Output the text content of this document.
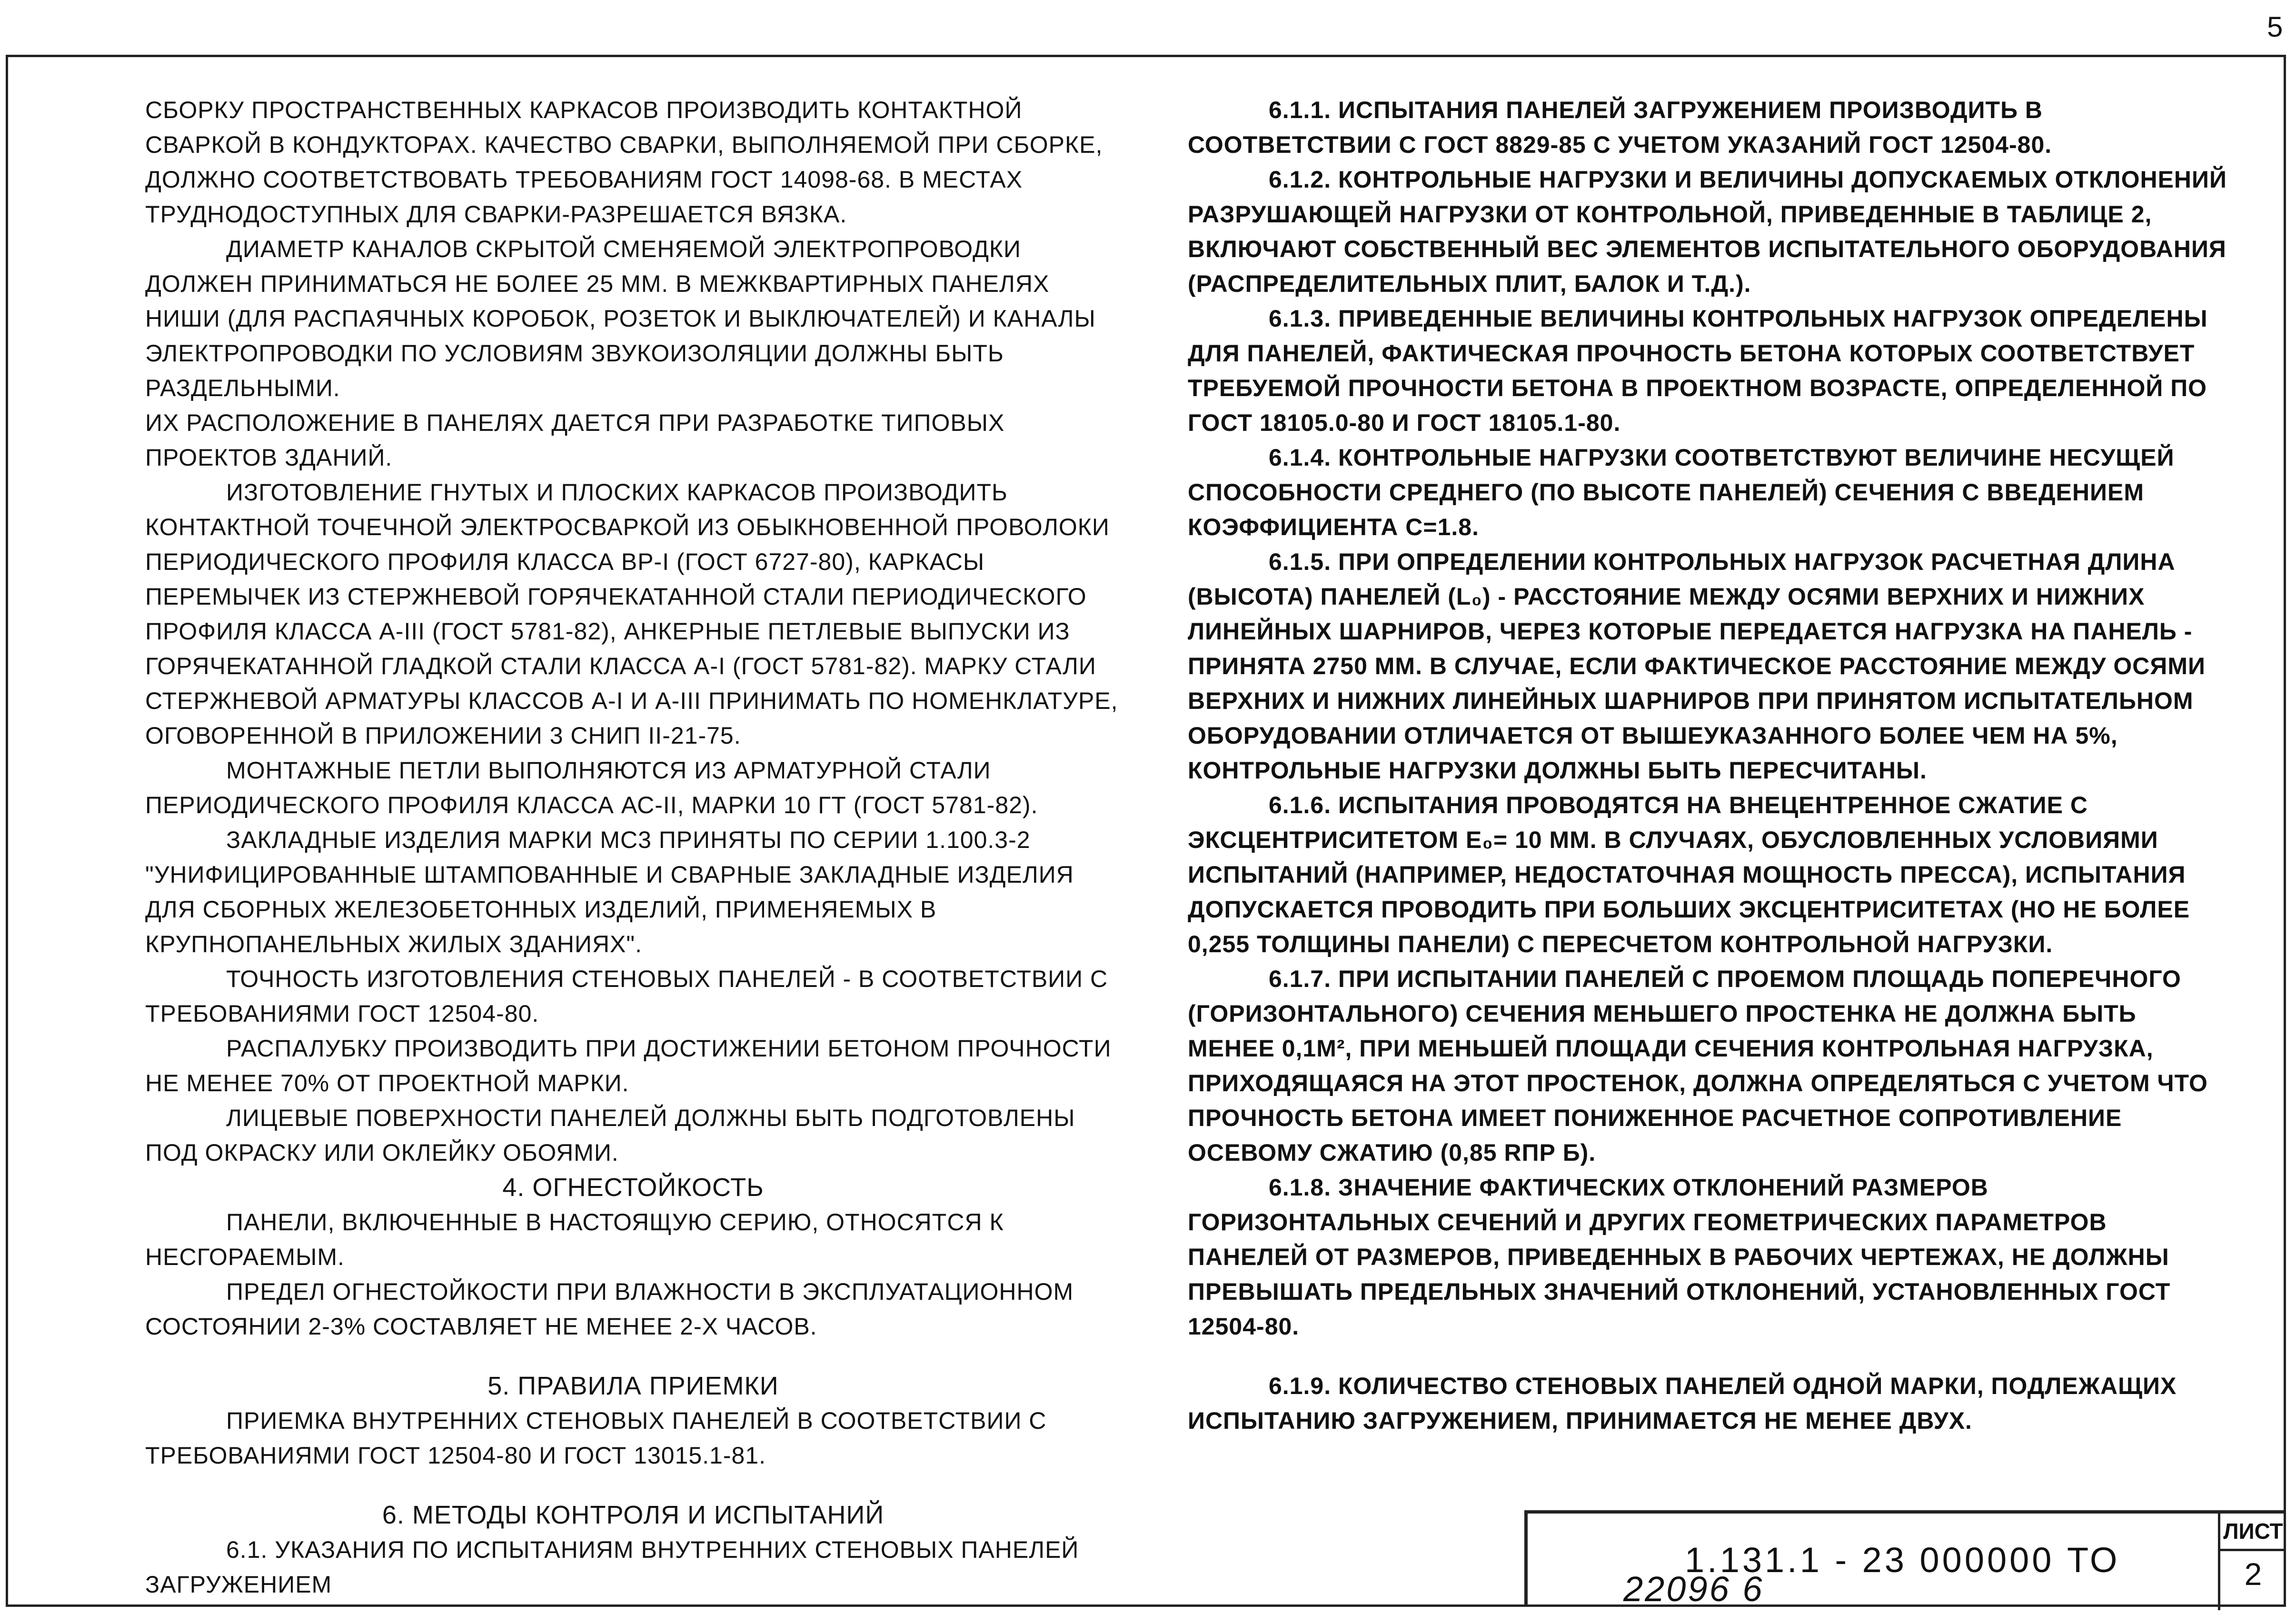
5

СБОРКУ ПРОСТРАНСТВЕННЫХ КАРКАСОВ ПРОИЗВОДИТЬ КОНТАКТНОЙ СВАРКОЙ В КОНДУКТОРАХ. КАЧЕСТВО СВАРКИ, ВЫПОЛНЯЕМОЙ ПРИ СБОРКЕ, ДОЛЖНО СООТВЕТСТВОВАТЬ ТРЕБОВАНИЯМ ГОСТ 14098-68. В МЕСТАХ ТРУДНОДОСТУПНЫХ ДЛЯ СВАРКИ-РАЗРЕШАЕТСЯ ВЯЗКА.

ДИАМЕТР КАНАЛОВ СКРЫТОЙ СМЕНЯЕМОЙ ЭЛЕКТРОПРОВОДКИ ДОЛЖЕН ПРИНИМАТЬСЯ НЕ БОЛЕЕ 25 ММ. В МЕЖКВАРТИРНЫХ ПАНЕЛЯХ НИШИ (ДЛЯ РАСПАЯЧНЫХ КОРОБОК, РОЗЕТОК И ВЫКЛЮЧАТЕЛЕЙ) И КАНАЛЫ ЭЛЕКТРОПРОВОДКИ ПО УСЛОВИЯМ ЗВУКОИЗОЛЯЦИИ ДОЛЖНЫ БЫТЬ РАЗДЕЛЬНЫМИ.

ИХ РАСПОЛОЖЕНИЕ В ПАНЕЛЯХ ДАЕТСЯ ПРИ РАЗРАБОТКЕ ТИПОВЫХ ПРОЕКТОВ ЗДАНИЙ.

ИЗГОТОВЛЕНИЕ ГНУТЫХ И ПЛОСКИХ КАРКАСОВ ПРОИЗВОДИТЬ КОНТАКТНОЙ ТОЧЕЧНОЙ ЭЛЕКТРОСВАРКОЙ ИЗ ОБЫКНОВЕННОЙ ПРОВОЛОКИ ПЕРИОДИЧЕСКОГО ПРОФИЛЯ КЛАССА ВР-I (ГОСТ 6727-80), КАРКАСЫ ПЕРЕМЫЧЕК ИЗ СТЕРЖНЕВОЙ ГОРЯЧЕКАТАННОЙ СТАЛИ ПЕРИОДИЧЕСКОГО ПРОФИЛЯ КЛАССА А-III (ГОСТ 5781-82), АНКЕРНЫЕ ПЕТЛЕВЫЕ ВЫПУСКИ ИЗ ГОРЯЧЕКАТАННОЙ ГЛАДКОЙ СТАЛИ КЛАССА А-I (ГОСТ 5781-82). МАРКУ СТАЛИ СТЕРЖНЕВОЙ АРМАТУРЫ КЛАССОВ А-I И А-III ПРИНИМАТЬ ПО НОМЕНКЛАТУРЕ, ОГОВОРЕННОЙ В ПРИЛОЖЕНИИ 3 СНИП II-21-75.

МОНТАЖНЫЕ ПЕТЛИ ВЫПОЛНЯЮТСЯ ИЗ АРМАТУРНОЙ СТАЛИ ПЕРИОДИЧЕСКОГО ПРОФИЛЯ КЛАССА АС-II, МАРКИ 10 ГТ (ГОСТ 5781-82).

ЗАКЛАДНЫЕ ИЗДЕЛИЯ МАРКИ МС3 ПРИНЯТЫ ПО СЕРИИ 1.100.3-2

"УНИФИЦИРОВАННЫЕ ШТАМПОВАННЫЕ И СВАРНЫЕ ЗАКЛАДНЫЕ ИЗДЕЛИЯ ДЛЯ СБОРНЫХ ЖЕЛЕЗОБЕТОННЫХ ИЗДЕЛИЙ, ПРИМЕНЯЕМЫХ В КРУПНОПАНЕЛЬНЫХ ЖИЛЫХ ЗДАНИЯХ".

ТОЧНОСТЬ ИЗГОТОВЛЕНИЯ СТЕНОВЫХ ПАНЕЛЕЙ - В СООТВЕТСТВИИ С ТРЕБОВАНИЯМИ ГОСТ 12504-80.

РАСПАЛУБКУ ПРОИЗВОДИТЬ ПРИ ДОСТИЖЕНИИ БЕТОНОМ ПРОЧНОСТИ НЕ МЕНЕЕ 70% ОТ ПРОЕКТНОЙ МАРКИ.

ЛИЦЕВЫЕ ПОВЕРХНОСТИ ПАНЕЛЕЙ ДОЛЖНЫ БЫТЬ ПОДГОТОВЛЕНЫ ПОД ОКРАСКУ ИЛИ ОКЛЕЙКУ ОБОЯМИ.

4. ОГНЕСТОЙКОСТЬ

ПАНЕЛИ, ВКЛЮЧЕННЫЕ В НАСТОЯЩУЮ СЕРИЮ, ОТНОСЯТСЯ К НЕСГОРАЕМЫМ.

ПРЕДЕЛ ОГНЕСТОЙКОСТИ ПРИ ВЛАЖНОСТИ В ЭКСПЛУАТАЦИОННОМ СОСТОЯНИИ 2-3% СОСТАВЛЯЕТ НЕ МЕНЕЕ 2-Х ЧАСОВ.

5. ПРАВИЛА ПРИЕМКИ

ПРИЕМКА ВНУТРЕННИХ СТЕНОВЫХ ПАНЕЛЕЙ В СООТВЕТСТВИИ С ТРЕБОВАНИЯМИ ГОСТ 12504-80 И ГОСТ 13015.1-81.

6. МЕТОДЫ КОНТРОЛЯ И ИСПЫТАНИЙ

6.1. УКАЗАНИЯ ПО ИСПЫТАНИЯМ ВНУТРЕННИХ СТЕНОВЫХ ПАНЕЛЕЙ ЗАГРУЖЕНИЕМ

6.1.1. ИСПЫТАНИЯ ПАНЕЛЕЙ ЗАГРУЖЕНИЕМ ПРОИЗВОДИТЬ В СООТВЕТСТВИИ С ГОСТ 8829-85 С УЧЕТОМ УКАЗАНИЙ ГОСТ 12504-80.

6.1.2. КОНТРОЛЬНЫЕ НАГРУЗКИ И ВЕЛИЧИНЫ ДОПУСКАЕМЫХ ОТКЛОНЕНИЙ РАЗРУШАЮЩЕЙ НАГРУЗКИ ОТ КОНТРОЛЬНОЙ, ПРИВЕДЕННЫЕ В ТАБЛИЦЕ 2, ВКЛЮЧАЮТ СОБСТВЕННЫЙ ВЕС ЭЛЕМЕНТОВ ИСПЫТАТЕЛЬНОГО ОБОРУДОВАНИЯ (РАСПРЕДЕЛИТЕЛЬНЫХ ПЛИТ, БАЛОК И Т.Д.).

6.1.3. ПРИВЕДЕННЫЕ ВЕЛИЧИНЫ КОНТРОЛЬНЫХ НАГРУЗОК ОПРЕДЕЛЕНЫ ДЛЯ ПАНЕЛЕЙ, ФАКТИЧЕСКАЯ ПРОЧНОСТЬ БЕТОНА КОТОРЫХ СООТВЕТСТВУЕТ ТРЕБУЕМОЙ ПРОЧНОСТИ БЕТОНА В ПРОЕКТНОМ ВОЗРАСТЕ, ОПРЕДЕЛЕННОЙ ПО ГОСТ 18105.0-80 И ГОСТ 18105.1-80.

6.1.4. КОНТРОЛЬНЫЕ НАГРУЗКИ СООТВЕТСТВУЮТ ВЕЛИЧИНЕ НЕСУЩЕЙ СПОСОБНОСТИ СРЕДНЕГО (ПО ВЫСОТЕ ПАНЕЛЕЙ) СЕЧЕНИЯ С ВВЕДЕНИЕМ КОЭФФИЦИЕНТА С=1.8.

6.1.5. ПРИ ОПРЕДЕЛЕНИИ КОНТРОЛЬНЫХ НАГРУЗОК РАСЧЕТНАЯ ДЛИНА (ВЫСОТА) ПАНЕЛЕЙ (L₀) - РАССТОЯНИЕ МЕЖДУ ОСЯМИ ВЕРХНИХ И НИЖНИХ ЛИНЕЙНЫХ ШАРНИРОВ, ЧЕРЕЗ КОТОРЫЕ ПЕРЕДАЕТСЯ НАГРУЗКА НА ПАНЕЛЬ - ПРИНЯТА 2750 ММ. В СЛУЧАЕ, ЕСЛИ ФАКТИЧЕСКОЕ РАССТОЯНИЕ МЕЖДУ ОСЯМИ ВЕРХНИХ И НИЖНИХ ЛИНЕЙНЫХ ШАРНИРОВ ПРИ ПРИНЯТОМ ИСПЫТАТЕЛЬНОМ ОБОРУДОВАНИИ ОТЛИЧАЕТСЯ ОТ ВЫШЕУКАЗАННОГО БОЛЕЕ ЧЕМ НА 5%, КОНТРОЛЬНЫЕ НАГРУЗКИ ДОЛЖНЫ БЫТЬ ПЕРЕСЧИТАНЫ.

6.1.6. ИСПЫТАНИЯ ПРОВОДЯТСЯ НА ВНЕЦЕНТРЕННОЕ СЖАТИЕ С ЭКСЦЕНТРИСИТЕТОМ E₀= 10 ММ. В СЛУЧАЯХ, ОБУСЛОВЛЕННЫХ УСЛОВИЯМИ ИСПЫТАНИЙ (НАПРИМЕР, НЕДОСТАТОЧНАЯ МОЩНОСТЬ ПРЕССА), ИСПЫТАНИЯ ДОПУСКАЕТСЯ ПРОВОДИТЬ ПРИ БОЛЬШИХ ЭКСЦЕНТРИСИТЕТАХ (НО НЕ БОЛЕЕ 0,255 ТОЛЩИНЫ ПАНЕЛИ) С ПЕРЕСЧЕТОМ КОНТРОЛЬНОЙ НАГРУЗКИ.

6.1.7. ПРИ ИСПЫТАНИИ ПАНЕЛЕЙ С ПРОЕМОМ ПЛОЩАДЬ ПОПЕРЕЧНОГО (ГОРИЗОНТАЛЬНОГО) СЕЧЕНИЯ МЕНЬШЕГО ПРОСТЕНКА НЕ ДОЛЖНА БЫТЬ МЕНЕЕ 0,1М², ПРИ МЕНЬШЕЙ ПЛОЩАДИ СЕЧЕНИЯ КОНТРОЛЬНАЯ НАГРУЗКА, ПРИХОДЯЩАЯСЯ НА ЭТОТ ПРОСТЕНОК, ДОЛЖНА ОПРЕДЕЛЯТЬСЯ С УЧЕТОМ ЧТО ПРОЧНОСТЬ БЕТОНА ИМЕЕТ ПОНИЖЕННОЕ РАСЧЕТНОЕ СОПРОТИВЛЕНИЕ ОСЕВОМУ СЖАТИЮ (0,85 RПР Б).

6.1.8. ЗНАЧЕНИЕ ФАКТИЧЕСКИХ ОТКЛОНЕНИЙ РАЗМЕРОВ ГОРИЗОНТАЛЬНЫХ СЕЧЕНИЙ И ДРУГИХ ГЕОМЕТРИЧЕСКИХ ПАРАМЕТРОВ ПАНЕЛЕЙ ОТ РАЗМЕРОВ, ПРИВЕДЕННЫХ В РАБОЧИХ ЧЕРТЕЖАХ, НЕ ДОЛЖНЫ ПРЕВЫШАТЬ ПРЕДЕЛЬНЫХ ЗНАЧЕНИЙ ОТКЛОНЕНИЙ, УСТАНОВЛЕННЫХ ГОСТ 12504-80.

6.1.9. КОЛИЧЕСТВО СТЕНОВЫХ ПАНЕЛЕЙ ОДНОЙ МАРКИ, ПОДЛЕЖАЩИХ ИСПЫТАНИЮ ЗАГРУЖЕНИЕМ, ПРИНИМАЕТСЯ НЕ МЕНЕЕ ДВУХ.

1.131.1 - 23 000000 ТО
ЛИСТ
2
22096 6
